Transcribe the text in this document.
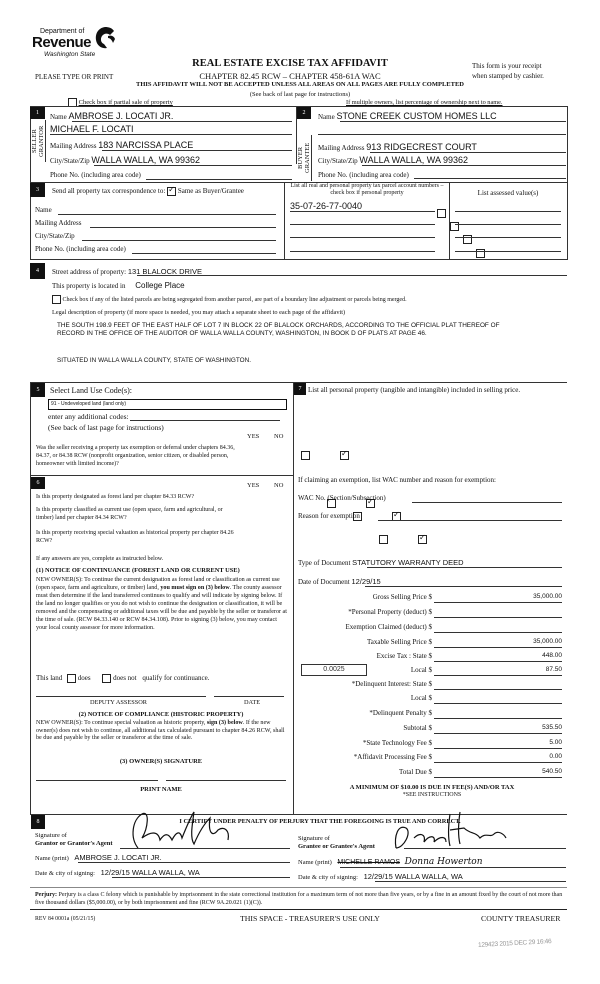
Department of
Revenue
Washington State
PLEASE TYPE OR PRINT
REAL ESTATE EXCISE TAX AFFIDAVIT
CHAPTER 82.45 RCW – CHAPTER 458-61A WAC
This form is your receipt
when stamped by cashier.
THIS AFFIDAVIT WILL NOT BE ACCEPTED UNLESS ALL AREAS ON ALL PAGES ARE FULLY COMPLETED
(See back of last page for instructions)
Check box if partial sale of property	If multiple owners, list percentage of ownership next to name.
1
SELLER GRANTOR
Name AMBROSE J. LOCATI JR.
MICHAEL F. LOCATI
Mailing Address 183 NARCISSA PLACE
City/State/Zip WALLA WALLA, WA 99362
Phone No. (including area code)
2
BUYER GRANTEE
Name STONE CREEK CUSTOM HOMES LLC
Mailing Address 913 RIDGECREST COURT
City/State/Zip WALLA WALLA, WA 99362
Phone No. (including area code)
3	Send all property tax correspondence to: ✓ Same as Buyer/Grantee
Name
Mailing Address
City/State/Zip
Phone No. (including area code)
List all real and personal property tax parcel account numbers – check box if personal property
35-07-26-77-0040

List assessed value(s)
4	Street address of property: 131 BLALOCK DRIVE
This property is located in College Place
Check box if any of the listed parcels are being segregated from another parcel, are part of a boundary line adjustment or parcels being merged.
Legal description of property (if more space is needed, you may attach a separate sheet to each page of the affidavit)
THE SOUTH 198.9 FEET OF THE EAST HALF OF LOT 7 IN BLOCK 22 OF BLALOCK ORCHARDS, ACCORDING TO THE OFFICIAL PLAT THEREOF OF RECORD IN THE OFFICE OF THE AUDITOR OF WALLA WALLA COUNTY, WASHINGTON, IN BOOK D OF PLATS AT PAGE 46.
SITUATED IN WALLA WALLA COUNTY, STATE OF WASHINGTON.
5	Select Land Use Code(s):
91 - Undeveloped land (land only)
enter any additional codes:
(See back of last page for instructions)
YES NO
Was the seller receiving a property tax exemption or deferral under chapters 84.36, 84.37, or 84.38 RCW (nonprofit organization, senior citizen, or disabled person, homeowner with limited income)?
✓
6	YES NO
Is this property designated as forest land per chapter 84.33 RCW?
✓
Is this property classified as current use (open space, farm and agricultural, or timber) land per chapter 84.34 RCW?
✓
Is this property receiving special valuation as historical property per chapter 84.26 RCW?
✓
If any answers are yes, complete as instructed below.
(1) NOTICE OF CONTINUANCE (FOREST LAND OR CURRENT USE)
NEW OWNER(S): To continue the current designation as forest land or classification as current use (open space, farm and agriculture, or timber) land, you must sign on (3) below. The county assessor must then determine if the land transferred continues to qualify and will indicate by signing below. If the land no longer qualifies or you do not wish to continue the designation or classification, it will be removed and the compensating or additional taxes will be due and payable by the seller or transferor at the time of sale. (RCW 84.33.140 or RCW 84.34.108). Prior to signing (3) below, you may contact your local county assessor for more information.
This land does	does not qualify for continuance.
DEPUTY ASSESSOR	DATE
(2) NOTICE OF COMPLIANCE (HISTORIC PROPERTY)
NEW OWNER(S): To continue special valuation as historic property, sign (3) below. If the new owner(s) does not wish to continue, all additional tax calculated pursuant to chapter 84.26 RCW, shall be due and payable by the seller or transferor at the time of sale.
(3) OWNER(S) SIGNATURE
PRINT NAME
7 List all personal property (tangible and intangible) included in selling price.
If claiming an exemption, list WAC number and reason for exemption:
WAC No. (Section/Subsection)
Reason for exemption
Type of Document STATUTORY WARRANTY DEED
Date of Document 12/29/15
Gross Selling Price $	35,000.00
*Personal Property (deduct) $
Exemption Claimed (deduct) $
Taxable Selling Price $	35,000.00
Excise Tax : State $	448.00
0.0025	Local $	87.50
*Delinquent Interest: State $
Local $
*Delinquent Penalty $
Subtotal $	535.50
*State Technology Fee $	5.00
*Affidavit Processing Fee $	0.00
Total Due $	540.50
A MINIMUM OF $10.00 IS DUE IN FEE(S) AND/OR TAX
*SEE INSTRUCTIONS
8	I CERTIFY UNDER PENALTY OF PERJURY THAT THE FOREGOING IS TRUE AND CORRECT.
Signature of
Grantor or Grantor's Agent
Name (print) AMBROSE J. LOCATI JR.
Date & city of signing: 12/29/15 WALLA WALLA, WA
Signature of
Grantee or Grantee's Agent
Name (print) MICHELLE RAMOS Donna Howerton
Date & city of signing: 12/29/15 WALLA WALLA, WA
Perjury: Perjury is a class C felony which is punishable by imprisonment in the state correctional institution for a maximum term of not more than five years, or by a fine in an amount fixed by the court of not more than five thousand dollars ($5,000.00), or by both imprisonment and fine (RCW 9A.20.021 (1)(C)).
REV 84 0001a (05/21/15)	THIS SPACE - TREASURER'S USE ONLY	COUNTY TREASURER
129423 2015 DEC 29 16:46
